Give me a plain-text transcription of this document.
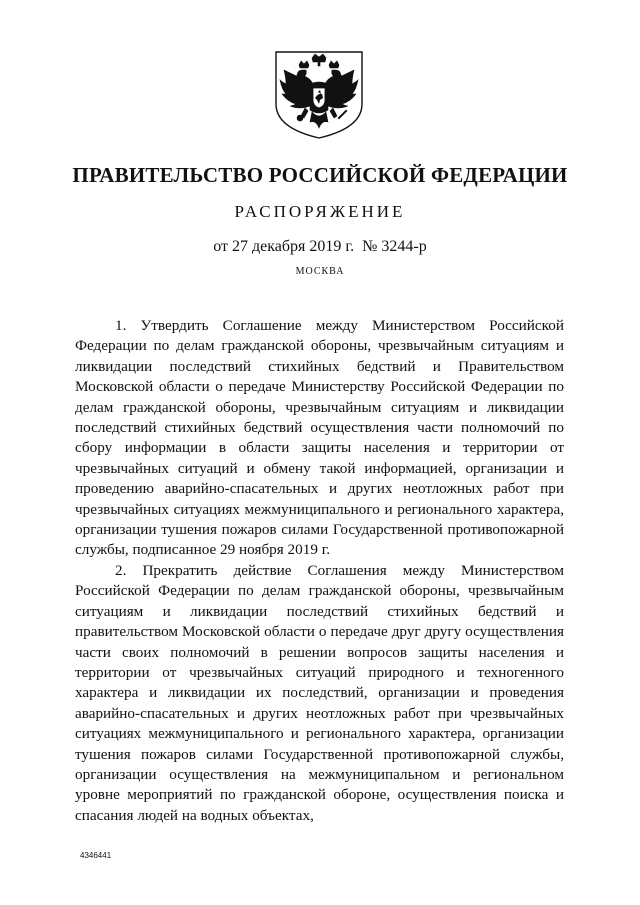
ПРАВИТЕЛЬСТВО РОССИЙСКОЙ ФЕДЕРАЦИИ
РАСПОРЯЖЕНИЕ
от 27 декабря 2019 г. № 3244-р
МОСКВА

1. Утвердить Соглашение между Министерством Российской Федерации по делам гражданской обороны, чрезвычайным ситуациям и ликвидации последствий стихийных бедствий и Правительством Московской области о передаче Министерству Российской Федерации по делам гражданской обороны, чрезвычайным ситуациям и ликвидации последствий стихийных бедствий осуществления части полномочий по сбору информации в области защиты населения и территории от чрезвычайных ситуаций и обмену такой информацией, организации и проведению аварийно-спасательных и других неотложных работ при чрезвычайных ситуациях межмуниципального и регионального характера, организации тушения пожаров силами Государственной противопожарной службы, подписанное 29 ноября 2019 г.

2. Прекратить действие Соглашения между Министерством Российской Федерации по делам гражданской обороны, чрезвычайным ситуациям и ликвидации последствий стихийных бедствий и правительством Московской области о передаче друг другу осуществления части своих полномочий в решении вопросов защиты населения и территории от чрезвычайных ситуаций природного и техногенного характера и ликвидации их последствий, организации и проведения аварийно-спасательных и других неотложных работ при чрезвычайных ситуациях межмуниципального и регионального характера, организации тушения пожаров силами Государственной противопожарной службы, организации осуществления на межмуниципальном и региональном уровне мероприятий по гражданской обороне, осуществления поиска и спасания людей на водных объектах,

4346441
